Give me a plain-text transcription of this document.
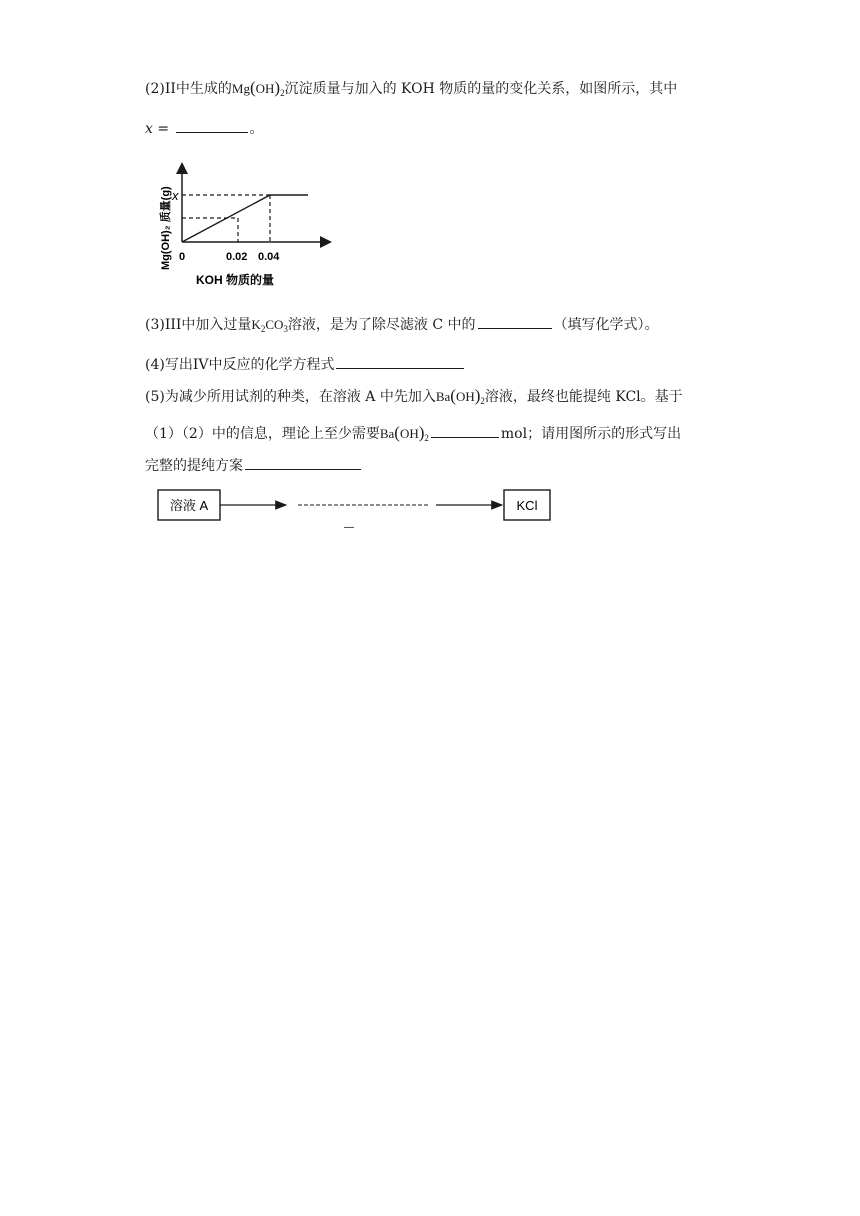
(2)II中生成的$Mg(OH)_2$沉淀质量与加入的 KOH 物质的量的变化关系，如图所示，其中
x =	。
x
0	0.02 0.04
KOH 物质的量
Mg(OH)₂ 质量(g)
(3)III中加入过量$K_2CO_3$溶液，是为了除尽滤液 C 中的	（填写化学式）。
(4)写出IV中反应的化学方程式
(5)为减少所用试剂的种类，在溶液 A 中先加入$Ba(OH)_2$溶液，最终也能提纯 KCl。基于
（1）（2）中的信息，理论上至少需要$Ba(OH)_2$	mol；请用图所示的形式写出
完整的提纯方案
溶液 A	KCl
—
